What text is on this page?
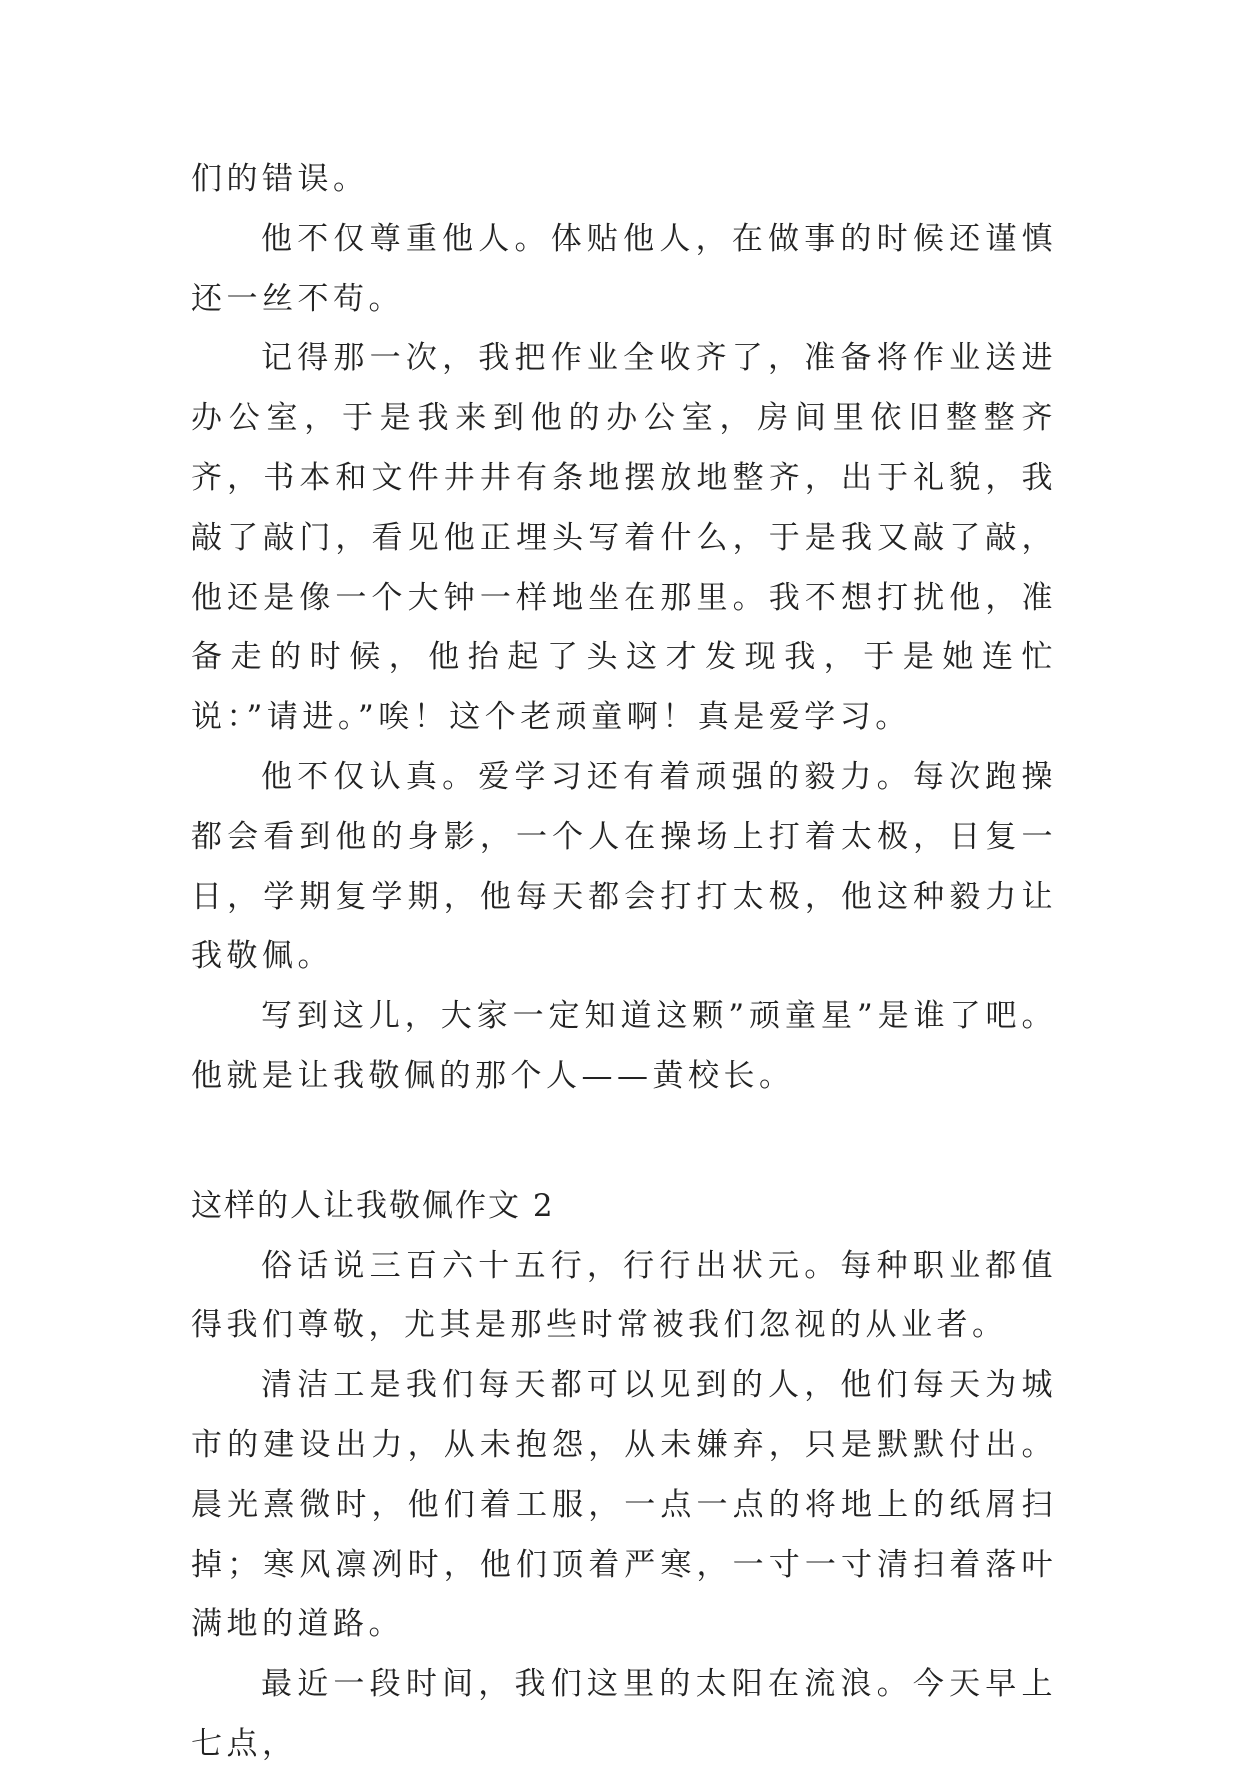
们的错误。

他不仅尊重他人。体贴他人，在做事的时候还谨慎还一丝不苟。

记得那一次，我把作业全收齐了，准备将作业送进办公室，于是我来到他的办公室，房间里依旧整整齐齐，书本和文件井井有条地摆放地整齐，出于礼貌，我敲了敲门，看见他正埋头写着什么，于是我又敲了敲，他还是像一个大钟一样地坐在那里。我不想打扰他，准备走的时候，他抬起了头这才发现我，于是她连忙说：”请进。”唉！这个老顽童啊！真是爱学习。

他不仅认真。爱学习还有着顽强的毅力。每次跑操都会看到他的身影，一个人在操场上打着太极，日复一日，学期复学期，他每天都会打打太极，他这种毅力让我敬佩。

写到这儿，大家一定知道这颗”顽童星”是谁了吧。他就是让我敬佩的那个人——黄校长。

这样的人让我敬佩作文 2

俗话说三百六十五行，行行出状元。每种职业都值得我们尊敬，尤其是那些时常被我们忽视的从业者。

清洁工是我们每天都可以见到的人，他们每天为城市的建设出力，从未抱怨，从未嫌弃，只是默默付出。晨光熹微时，他们着工服，一点一点的将地上的纸屑扫掉；寒风凛冽时，他们顶着严寒，一寸一寸清扫着落叶满地的道路。

最近一段时间，我们这里的太阳在流浪。今天早上七点，
